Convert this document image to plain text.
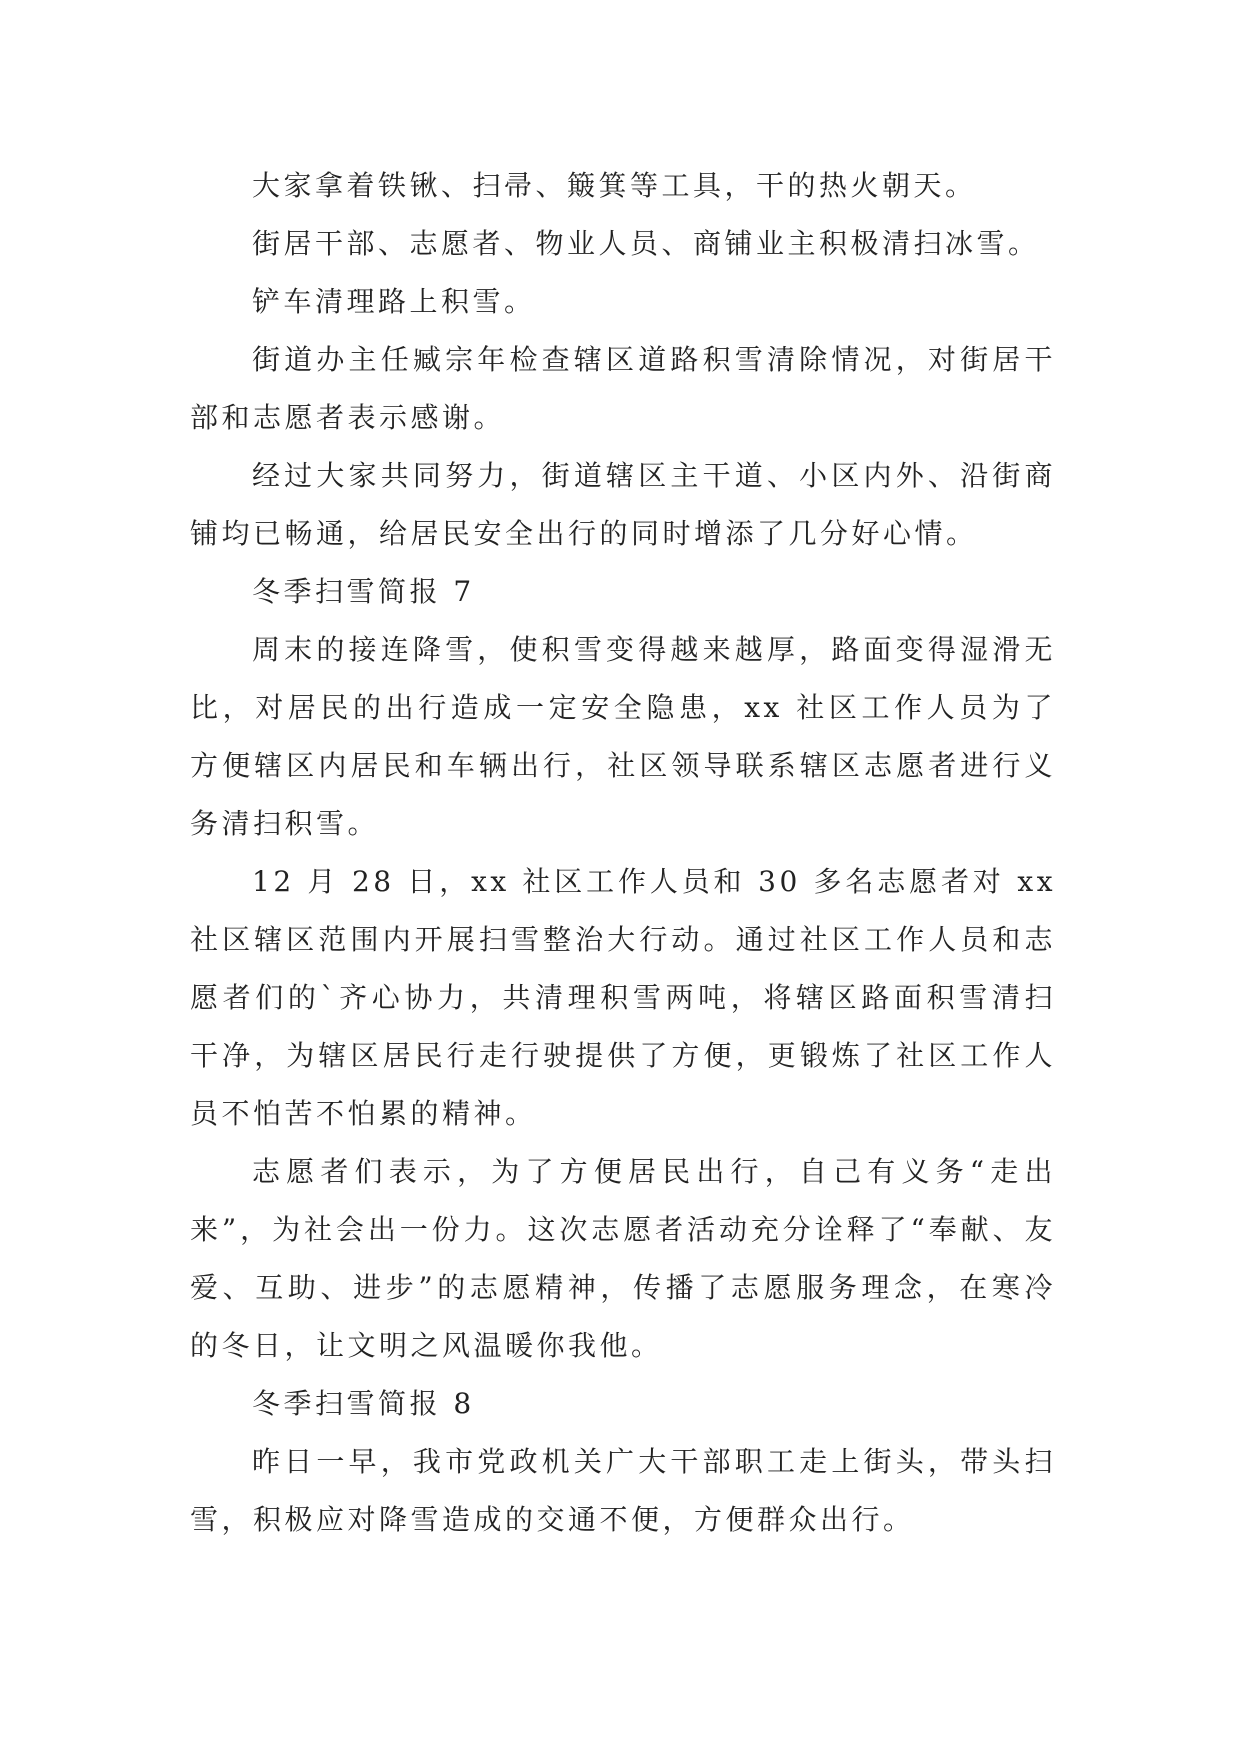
大家拿着铁锹、扫帚、簸箕等工具，干的热火朝天。

街居干部、志愿者、物业人员、商铺业主积极清扫冰雪。

铲车清理路上积雪。

街道办主任臧宗年检查辖区道路积雪清除情况，对街居干部和志愿者表示感谢。

经过大家共同努力，街道辖区主干道、小区内外、沿街商铺均已畅通，给居民安全出行的同时增添了几分好心情。

冬季扫雪简报 7

周末的接连降雪，使积雪变得越来越厚，路面变得湿滑无比，对居民的出行造成一定安全隐患，xx 社区工作人员为了方便辖区内居民和车辆出行，社区领导联系辖区志愿者进行义务清扫积雪。

12 月 28 日，xx 社区工作人员和 30 多名志愿者对 xx 社区辖区范围内开展扫雪整治大行动。通过社区工作人员和志愿者们的`齐心协力，共清理积雪两吨，将辖区路面积雪清扫干净，为辖区居民行走行驶提供了方便，更锻炼了社区工作人员不怕苦不怕累的精神。

志愿者们表示，为了方便居民出行，自己有义务“走出来”，为社会出一份力。这次志愿者活动充分诠释了“奉献、友爱、互助、进步”的志愿精神，传播了志愿服务理念，在寒冷的冬日，让文明之风温暖你我他。

冬季扫雪简报 8

昨日一早，我市党政机关广大干部职工走上街头，带头扫雪，积极应对降雪造成的交通不便，方便群众出行。
